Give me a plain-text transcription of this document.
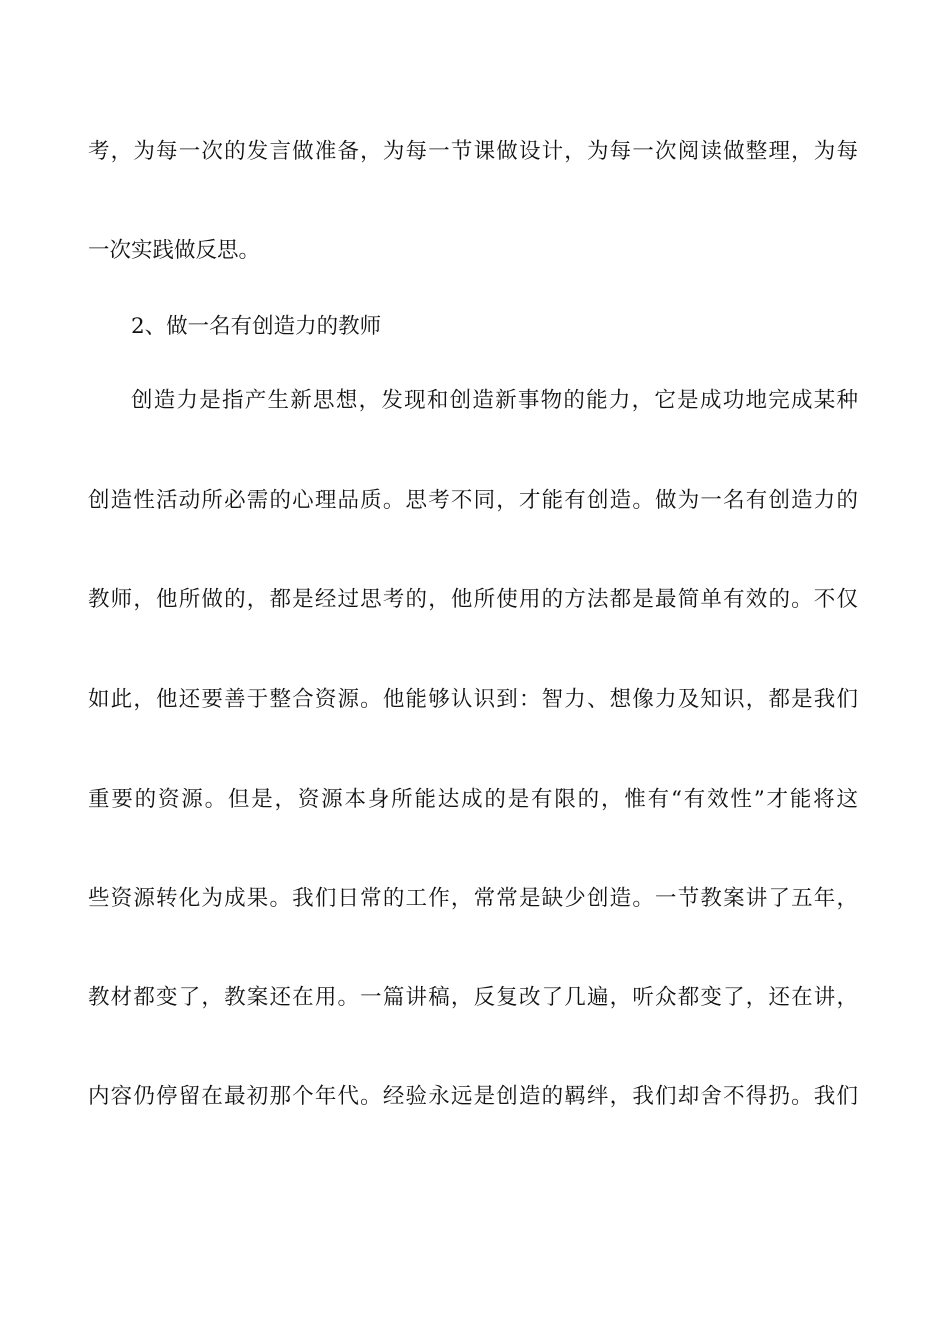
考，为每一次的发言做准备，为每一节课做设计，为每一次阅读做整理，为每
一次实践做反思。
2、做一名有创造力的教师
创造力是指产生新思想，发现和创造新事物的能力，它是成功地完成某种
创造性活动所必需的心理品质。思考不同，才能有创造。做为一名有创造力的
教师，他所做的，都是经过思考的，他所使用的方法都是最简单有效的。不仅
如此，他还要善于整合资源。他能够认识到：智力、想像力及知识，都是我们
重要的资源。但是，资源本身所能达成的是有限的，惟有“有效性”才能将这
些资源转化为成果。我们日常的工作，常常是缺少创造。一节教案讲了五年，
教材都变了，教案还在用。一篇讲稿，反复改了几遍，听众都变了，还在讲，
内容仍停留在最初那个年代。经验永远是创造的羁绊，我们却舍不得扔。我们
